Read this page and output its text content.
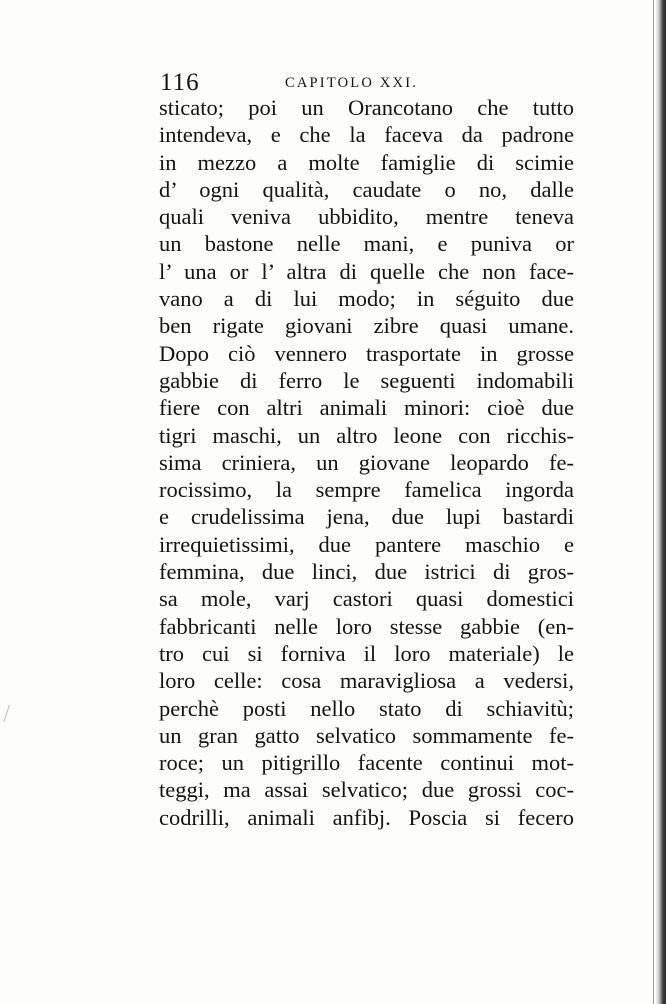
116	CAPITOLO XXI.
sticato; poi un Orancotano che tutto
intendeva, e che la faceva da padrone
in mezzo a molte famiglie di scimie
d’ ogni qualità, caudate o no, dalle
quali veniva ubbidito, mentre teneva
un bastone nelle mani, e puniva or
l’ una or l’ altra di quelle che non face-
vano a di lui modo; in séguito due
ben rigate giovani zibre quasi umane.
Dopo ciò vennero trasportate in grosse
gabbie di ferro le seguenti indomabili
fiere con altri animali minori: cioè due
tigri maschi, un altro leone con ricchis-
sima criniera, un giovane leopardo fe-
rocissimo, la sempre famelica ingorda
e crudelissima jena, due lupi bastardi
irrequietissimi, due pantere maschio e
femmina, due linci, due istrici di gros-
sa mole, varj castori quasi domestici
fabbricanti nelle loro stesse gabbie (en-
tro cui si forniva il loro materiale) le
loro celle: cosa maravigliosa a vedersi,
perchè posti nello stato di schiavitù;
un gran gatto selvatico sommamente fe-
roce; un pitigrillo facente continui mot-
teggi, ma assai selvatico; due grossi coc-
codrilli, animali anfibj. Poscia si fecero
